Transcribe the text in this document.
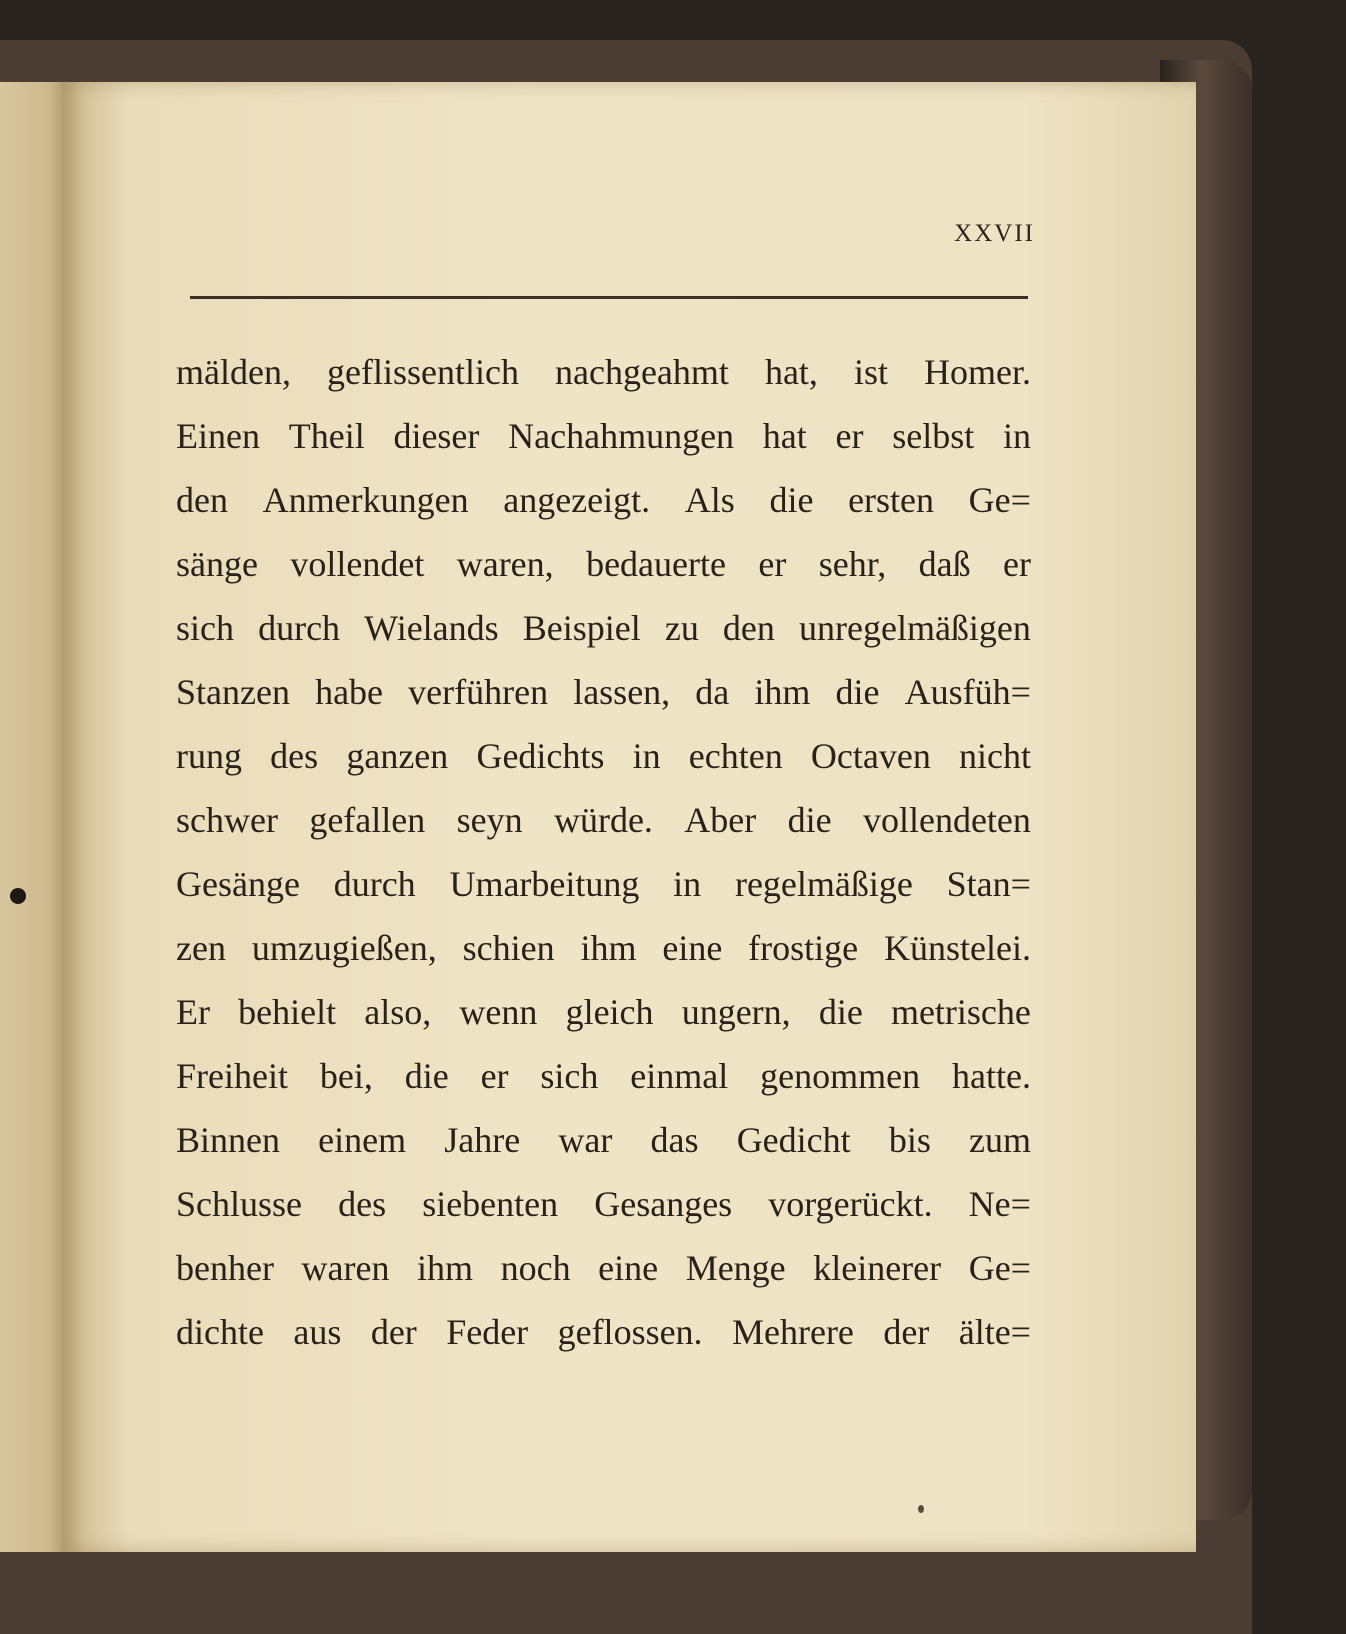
XXVII
mälden, geflissentlich nachgeahmt hat, ist Homer.
Einen Theil dieser Nachahmungen hat er selbst in
den Anmerkungen angezeigt. Als die ersten Ge=
sänge vollendet waren, bedauerte er sehr, daß er
sich durch Wielands Beispiel zu den unregelmäßigen
Stanzen habe verführen lassen, da ihm die Ausfüh=
rung des ganzen Gedichts in echten Octaven nicht
schwer gefallen seyn würde. Aber die vollendeten
Gesänge durch Umarbeitung in regelmäßige Stan=
zen umzugießen, schien ihm eine frostige Künstelei.
Er behielt also, wenn gleich ungern, die metrische
Freiheit bei, die er sich einmal genommen hatte.
Binnen einem Jahre war das Gedicht bis zum
Schlusse des siebenten Gesanges vorgerückt. Ne=
benher waren ihm noch eine Menge kleinerer Ge=
dichte aus der Feder geflossen. Mehrere der älte=
